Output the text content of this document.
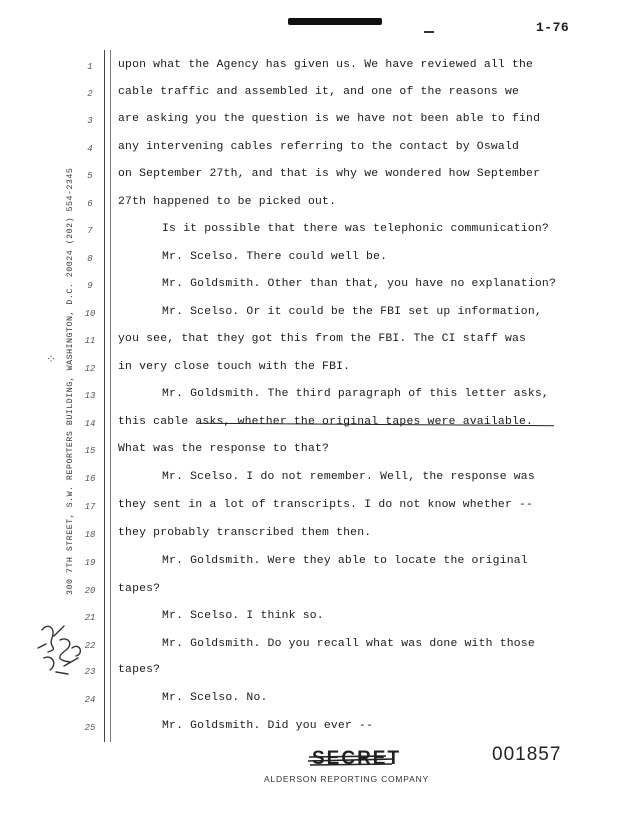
1-76
300 7TH STREET, S.W. REPORTERS BUILDING, WASHINGTON, D.C. 20024 (202) 554-2345
⁘
1	upon what the Agency has given us. We have reviewed all the
2	cable traffic and assembled it, and one of the reasons we
3	are asking you the question is we have not been able to find
4	any intervening cables referring to the contact by Oswald
5	on September 27th, and that is why we wondered how September
6	27th happened to be picked out.
7	Is it possible that there was telephonic communication?
8	Mr. Scelso. There could well be.
9	Mr. Goldsmith. Other than that, you have no explanation?
10	Mr. Scelso. Or it could be the FBI set up information,
11 you see, that they got this from the FBI. The CI staff was
12 in very close touch with the FBI.
13	Mr. Goldsmith. The third paragraph of this letter asks,
14 this cable asks, whether the original tapes were available.
15 What was the response to that?
16	Mr. Scelso. I do not remember. Well, the response was
17 they sent in a lot of transcripts. I do not know whether --
18 they probably transcribed them then.
19	Mr. Goldsmith. Were they able to locate the original
20 tapes?
21	Mr. Scelso. I think so.
22	Mr. Goldsmith. Do you recall what was done with those
23 tapes?
24	Mr. Scelso. No.
25	Mr. Goldsmith. Did you ever --
SECRET
ALDERSON REPORTING COMPANY
001857
